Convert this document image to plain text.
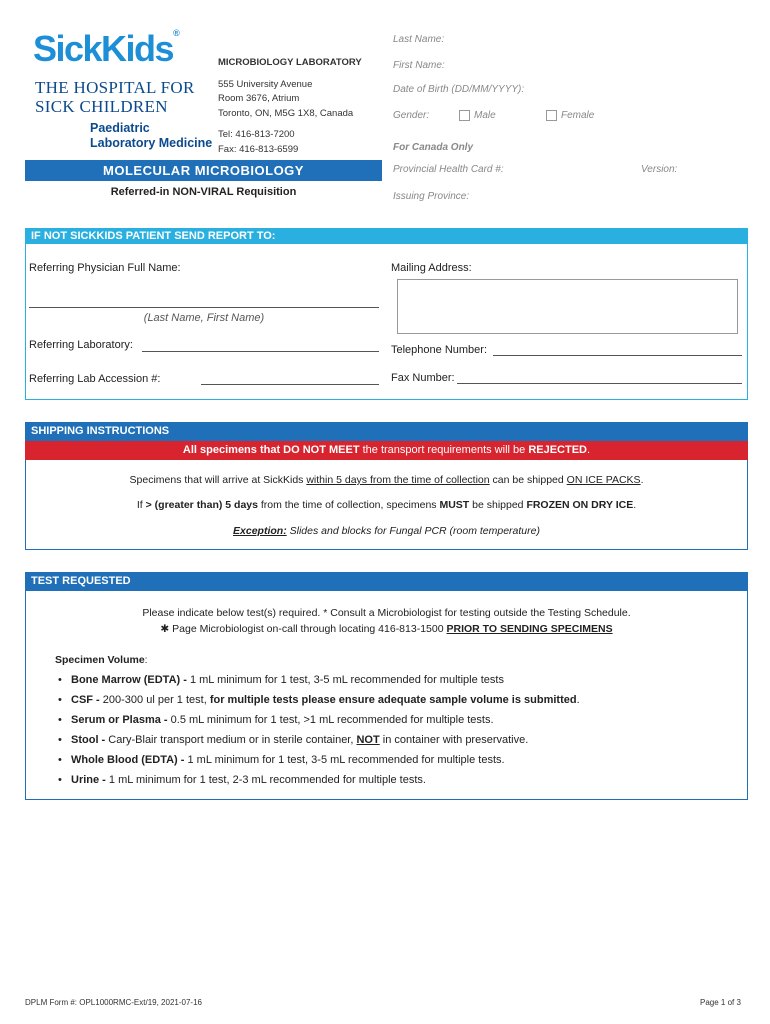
SickKids®
THE HOSPITAL FOR
SICK CHILDREN
Paediatric
Laboratory Medicine
MICROBIOLOGY LABORATORY
555 University Avenue
Room 3676, Atrium
Toronto, ON, M5G 1X8, Canada
Tel: 416-813-7200
Fax: 416-813-6599
MOLECULAR MICROBIOLOGY
Referred-in NON-VIRAL Requisition
Last Name:
First Name:
Date of Birth (DD/MM/YYYY):
Gender:	Male	Female
For Canada Only
Provincial Health Card #:	Version:
Issuing Province:
IF NOT SICKKIDS PATIENT SEND REPORT TO:
Referring Physician Full Name:
(Last Name, First Name)
Mailing Address:
Referring Laboratory:	Telephone Number:
Referring Lab Accession #:	Fax Number:
SHIPPING INSTRUCTIONS
All specimens that DO NOT MEET the transport requirements will be REJECTED.
Specimens that will arrive at SickKids within 5 days from the time of collection can be shipped ON ICE PACKS.
If > (greater than) 5 days from the time of collection, specimens MUST be shipped FROZEN ON DRY ICE.
Exception: Slides and blocks for Fungal PCR (room temperature)
TEST REQUESTED
Please indicate below test(s) required. * Consult a Microbiologist for testing outside the Testing Schedule.
✱ Page Microbiologist on-call through locating 416-813-1500 PRIOR TO SENDING SPECIMENS
Specimen Volume:
• Bone Marrow (EDTA) - 1 mL minimum for 1 test, 3-5 mL recommended for multiple tests
• CSF - 200-300 ul per 1 test, for multiple tests please ensure adequate sample volume is submitted.
• Serum or Plasma - 0.5 mL minimum for 1 test, >1 mL recommended for multiple tests.
• Stool - Cary-Blair transport medium or in sterile container, NOT in container with preservative.
• Whole Blood (EDTA) - 1 mL minimum for 1 test, 3-5 mL recommended for multiple tests.
• Urine - 1 mL minimum for 1 test, 2-3 mL recommended for multiple tests.
DPLM Form #: OPL1000RMC-Ext/19, 2021-07-16	Page 1 of 3
